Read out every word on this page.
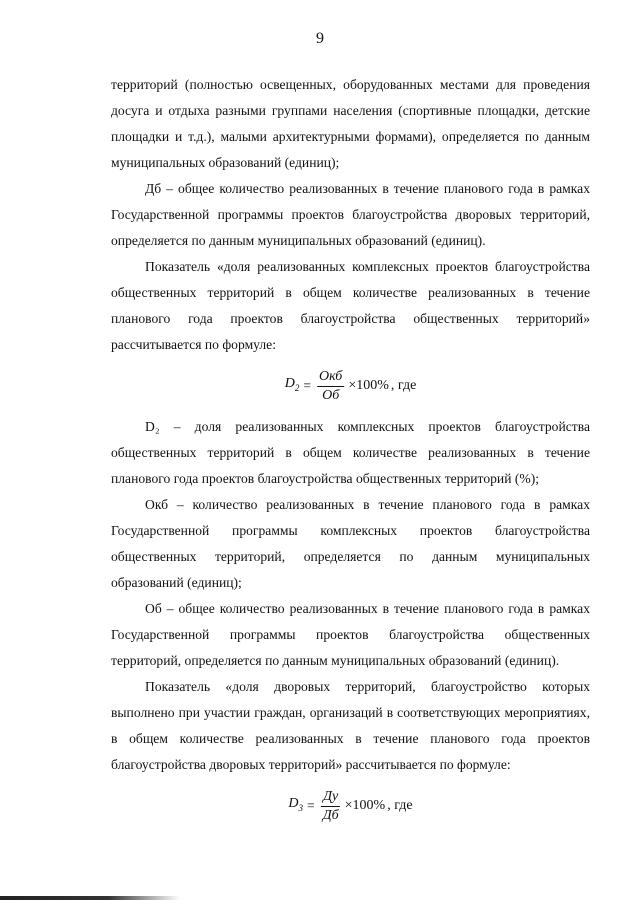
9

территорий (полностью освещенных, оборудованных местами для проведения досуга и отдыха разными группами населения (спортивные площадки, детские площадки и т.д.), малыми архитектурными формами), определяется по данным муниципальных образований (единиц);

Дб – общее количество реализованных в течение планового года в рамках Государственной программы проектов благоустройства дворовых территорий, определяется по данным муниципальных образований (единиц).

Показатель «доля реализованных комплексных проектов благоустройства общественных территорий в общем количестве реализованных в течение планового года проектов благоустройства общественных территорий» рассчитывается по формуле:

$D_2 = \frac{\text{Окб}}{Об} \times 100\%$ , где

D₂ – доля реализованных комплексных проектов благоустройства общественных территорий в общем количестве реализованных в течение планового года проектов благоустройства общественных территорий (%);

Окб – количество реализованных в течение планового года в рамках Государственной программы комплексных проектов благоустройства общественных территорий, определяется по данным муниципальных образований (единиц);

Об – общее количество реализованных в течение планового года в рамках Государственной программы проектов благоустройства общественных территорий, определяется по данным муниципальных образований (единиц).

Показатель «доля дворовых территорий, благоустройство которых выполнено при участии граждан, организаций в соответствующих мероприятиях, в общем количестве реализованных в течение планового года проектов благоустройства дворовых территорий» рассчитывается по формуле:

$D_3 = \frac{Ду}{Дб} \times 100\%$ , где
